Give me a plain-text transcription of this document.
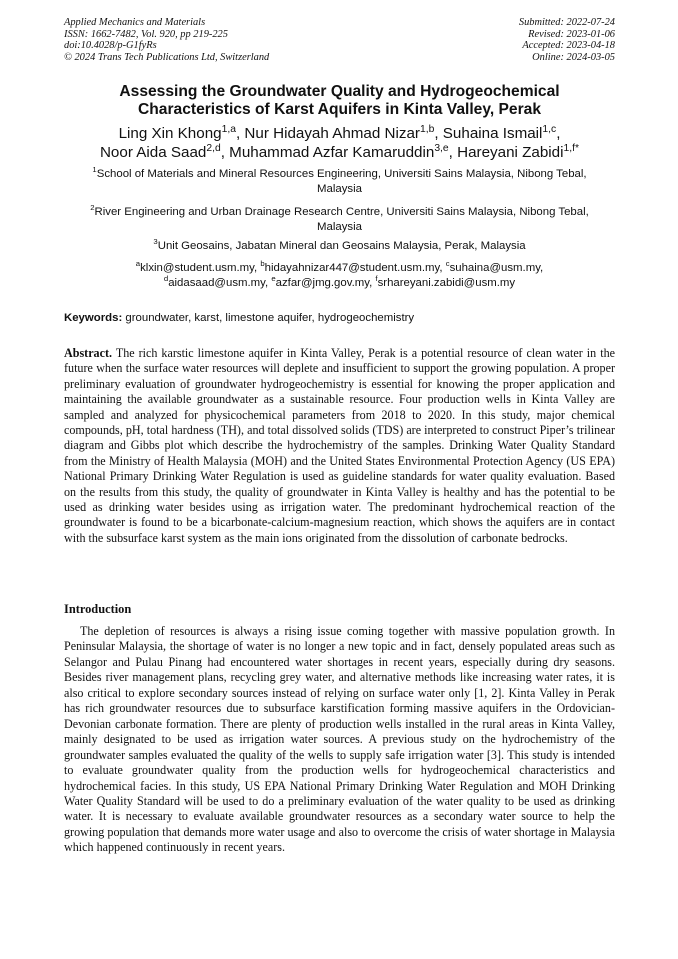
Applied Mechanics and Materials
ISSN: 1662-7482, Vol. 920, pp 219-225
doi:10.4028/p-G1fyRs
© 2024 Trans Tech Publications Ltd, Switzerland
Submitted: 2022-07-24
Revised: 2023-01-06
Accepted: 2023-04-18
Online: 2024-03-05
Assessing the Groundwater Quality and Hydrogeochemical
Characteristics of Karst Aquifers in Kinta Valley, Perak
Ling Xin Khong$^{1,a}$, Nur Hidayah Ahmad Nizar$^{1,b}$, Suhaina Ismail$^{1,c}$,
Noor Aida Saad$^{2,d}$, Muhammad Azfar Kamaruddin$^{3,e}$, Hareyani Zabidi$^{1,f*}$
$^1$School of Materials and Mineral Resources Engineering, Universiti Sains Malaysia, Nibong Tebal, Malaysia
$^2$River Engineering and Urban Drainage Research Centre, Universiti Sains Malaysia, Nibong Tebal, Malaysia
$^3$Unit Geosains, Jabatan Mineral dan Geosains Malaysia, Perak, Malaysia
$^a$klxin@student.usm.my, $^b$hidayahnizar447@student.usm.my, $^c$suhaina@usm.my,
$^d$aidasaad@usm.my, $^e$azfar@jmg.gov.my, $^f$srhareyani.zabidi@usm.my
Keywords: groundwater, karst, limestone aquifer, hydrogeochemistry
Abstract. The rich karstic limestone aquifer in Kinta Valley, Perak is a potential resource of clean water in the future when the surface water resources will deplete and insufficient to support the growing population. A proper preliminary evaluation of groundwater hydrogeochemistry is essential for knowing the proper application and maintaining the available groundwater as a sustainable resource. Four production wells in Kinta Valley are sampled and analyzed for physicochemical parameters from 2018 to 2020. In this study, major chemical compounds, pH, total hardness (TH), and total dissolved solids (TDS) are interpreted to construct Piper’s trilinear diagram and Gibbs plot which describe the hydrochemistry of the samples. Drinking Water Quality Standard from the Ministry of Health Malaysia (MOH) and the United States Environmental Protection Agency (US EPA) National Primary Drinking Water Regulation is used as guideline standards for water quality evaluation. Based on the results from this study, the quality of groundwater in Kinta Valley is healthy and has the potential to be used as drinking water besides using as irrigation water. The predominant hydrochemical reaction of the groundwater is found to be a bicarbonate-calcium-magnesium reaction, which shows the aquifers are in contact with the subsurface karst system as the main ions originated from the dissolution of carbonate bedrocks.
Introduction

The depletion of resources is always a rising issue coming together with massive population growth. In Peninsular Malaysia, the shortage of water is no longer a new topic and in fact, densely populated areas such as Selangor and Pulau Pinang had encountered water shortages in recent years, especially during dry seasons. Besides river management plans, recycling grey water, and alternative methods like increasing water rates, it is also critical to explore secondary sources instead of relying on surface water only [1, 2]. Kinta Valley in Perak has rich groundwater resources due to subsurface karstification forming massive aquifers in the Ordovician-Devonian carbonate formation. There are plenty of production wells installed in the rural areas in Kinta Valley, mainly designated to be used as irrigation water sources. A previous study on the hydrochemistry of the groundwater samples evaluated the quality of the wells to supply safe irrigation water [3]. This study is intended to evaluate groundwater quality from the production wells for hydrogeochemical characteristics and hydrochemical facies. In this study, US EPA National Primary Drinking Water Regulation and MOH Drinking Water Quality Standard will be used to do a preliminary evaluation of the water quality to be used as drinking water. It is necessary to evaluate available groundwater resources as a secondary water source to help the growing population that demands more water usage and also to overcome the crisis of water shortage in Malaysia which happened continuously in recent years.
